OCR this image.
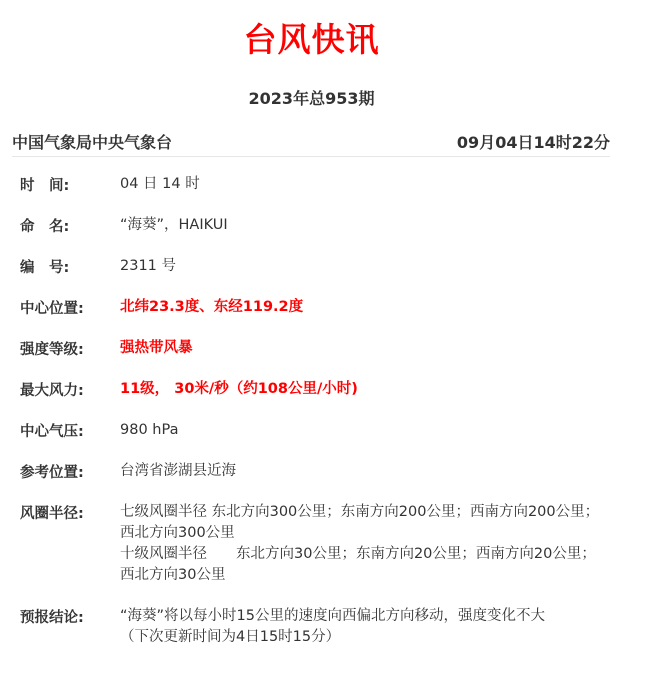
台风快讯
2023年总953期
中国气象局中央气象台	09月04日14时22分
时　间:	04 日 14 时
命　名:	“海葵”，HAIKUI
编　号:	2311 号
中心位置:	北纬23.3度、东经119.2度
强度等级:	强热带风暴
最大风力:	11级， 30米/秒（约108公里/小时)
中心气压:	980 hPa
参考位置:	台湾省澎湖县近海
风圈半径:	七级风圈半径 东北方向300公里；东南方向200公里；西南方向200公里；西北方向300公里
十级风圈半径　　东北方向30公里；东南方向20公里；西南方向20公里；西北方向30公里
预报结论:	“海葵”将以每小时15公里的速度向西偏北方向移动，强度变化不大
（下次更新时间为4日15时15分）
